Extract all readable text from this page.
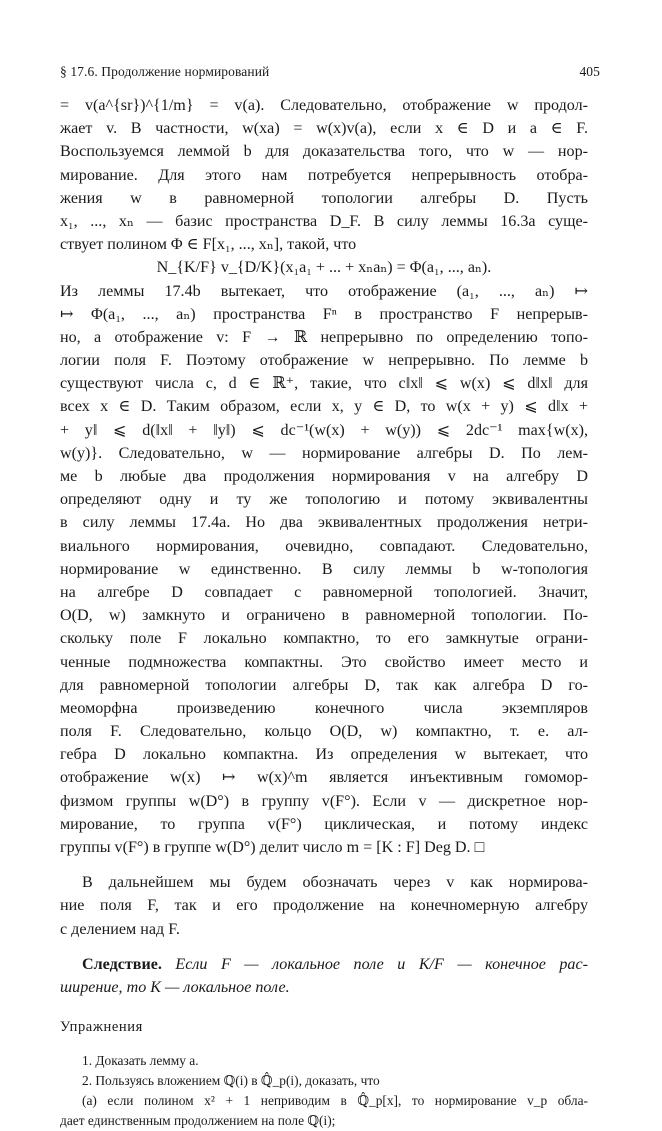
§ 17.6. Продолжение нормирований	405
= v(a^{sr})^{1/m} = v(a). Следовательно, отображение w продол-
жает v. В частности, w(xa) = w(x)v(a), если x ∈ D и a ∈ F.
Воспользуемся леммой b для доказательства того, что w — нор-
мирование. Для этого нам потребуется непрерывность отобра-
жения w в равномерной топологии алгебры D. Пусть
x₁, ..., xₙ — базис пространства D_F. В силу леммы 16.3а суще-
ствует полином Φ ∈ F[x₁, ..., xₙ], такой, что
N_{K/F} v_{D/K}(x₁a₁ + ... + xₙaₙ) = Φ(a₁, ..., aₙ).
Из леммы 17.4b вытекает, что отображение (a₁, ..., aₙ) ↦
↦ Φ(a₁, ..., aₙ) пространства Fⁿ в пространство F непрерыв-
но, а отображение v: F → ℝ непрерывно по определению топо-
логии поля F. Поэтому отображение w непрерывно. По лемме b
существуют числа c, d ∈ ℝ⁺, такие, что c‖x‖ ⩽ w(x) ⩽ d‖x‖ для
всех x ∈ D. Таким образом, если x, y ∈ D, то w(x + y) ⩽ d‖x +
+ y‖ ⩽ d(‖x‖ + ‖y‖) ⩽ dc⁻¹(w(x) + w(y)) ⩽ 2dc⁻¹ max{w(x),
w(y)}. Следовательно, w — нормирование алгебры D. По лем-
ме b любые два продолжения нормирования v на алгебру D
определяют одну и ту же топологию и потому эквивалентны
в силу леммы 17.4а. Но два эквивалентных продолжения нетри-
виального нормирования, очевидно, совпадают. Следовательно,
нормирование w единственно. В силу леммы b w-топология
на алгебре D совпадает с равномерной топологией. Значит,
O(D, w) замкнуто и ограничено в равномерной топологии. По-
скольку поле F локально компактно, то его замкнутые ограни-
ченные подмножества компактны. Это свойство имеет место и
для равномерной топологии алгебры D, так как алгебра D го-
меоморфна произведению конечного числа экземпляров
поля F. Следовательно, кольцо O(D, w) компактно, т. е. ал-
гебра D локально компактна. Из определения w вытекает, что
отображение w(x) ↦ w(x)^m является инъективным гомомор-
физмом группы w(D°) в группу v(F°). Если v — дискретное нор-
мирование, то группа v(F°) циклическая, и потому индекс
группы v(F°) в группе w(D°) делит число m = [K : F] Deg D. □
В дальнейшем мы будем обозначать через v как нормирова-
ние поля F, так и его продолжение на конечномерную алгебру
с делением над F.
Следствие. Если F — локальное поле и K/F — конечное рас-
ширение, то K — локальное поле.
Упражнения
1. Доказать лемму а.
2. Пользуясь вложением ℚ(i) в ℚ̂_p(i), доказать, что
(а) если полином x² + 1 неприводим в ℚ̂_p[x], то нормирование v_p обла-
дает единственным продолжением на поле ℚ(i);
